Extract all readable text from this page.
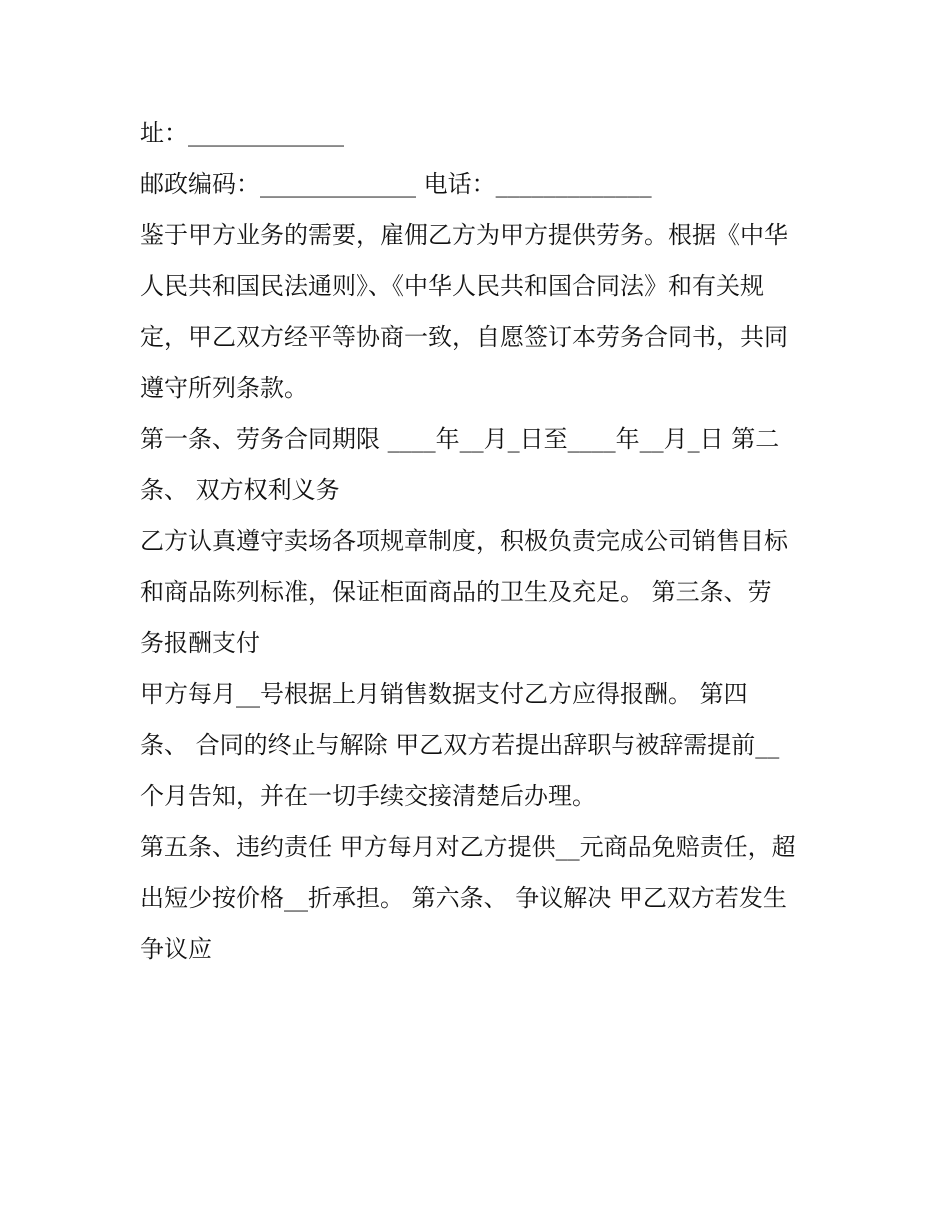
址：_____________
邮政编码：_____________ 电话：_____________
鉴于甲方业务的需要，雇佣乙方为甲方提供劳务。根据《中华
人民共和国民法通则》、《中华人民共和国合同法》和有关规
定，甲乙双方经平等协商一致，自愿签订本劳务合同书，共同
遵守所列条款。
第一条、劳务合同期限 ____年__月_日至____年__月_日 第二
条、 双方权利义务
乙方认真遵守卖场各项规章制度，积极负责完成公司销售目标
和商品陈列标准，保证柜面商品的卫生及充足。 第三条、劳
务报酬支付
甲方每月__号根据上月销售数据支付乙方应得报酬。 第四
条、 合同的终止与解除 甲乙双方若提出辞职与被辞需提前__
个月告知，并在一切手续交接清楚后办理。
第五条、违约责任 甲方每月对乙方提供__元商品免赔责任，超
出短少按价格__折承担。 第六条、 争议解决 甲乙双方若发生
争议应
